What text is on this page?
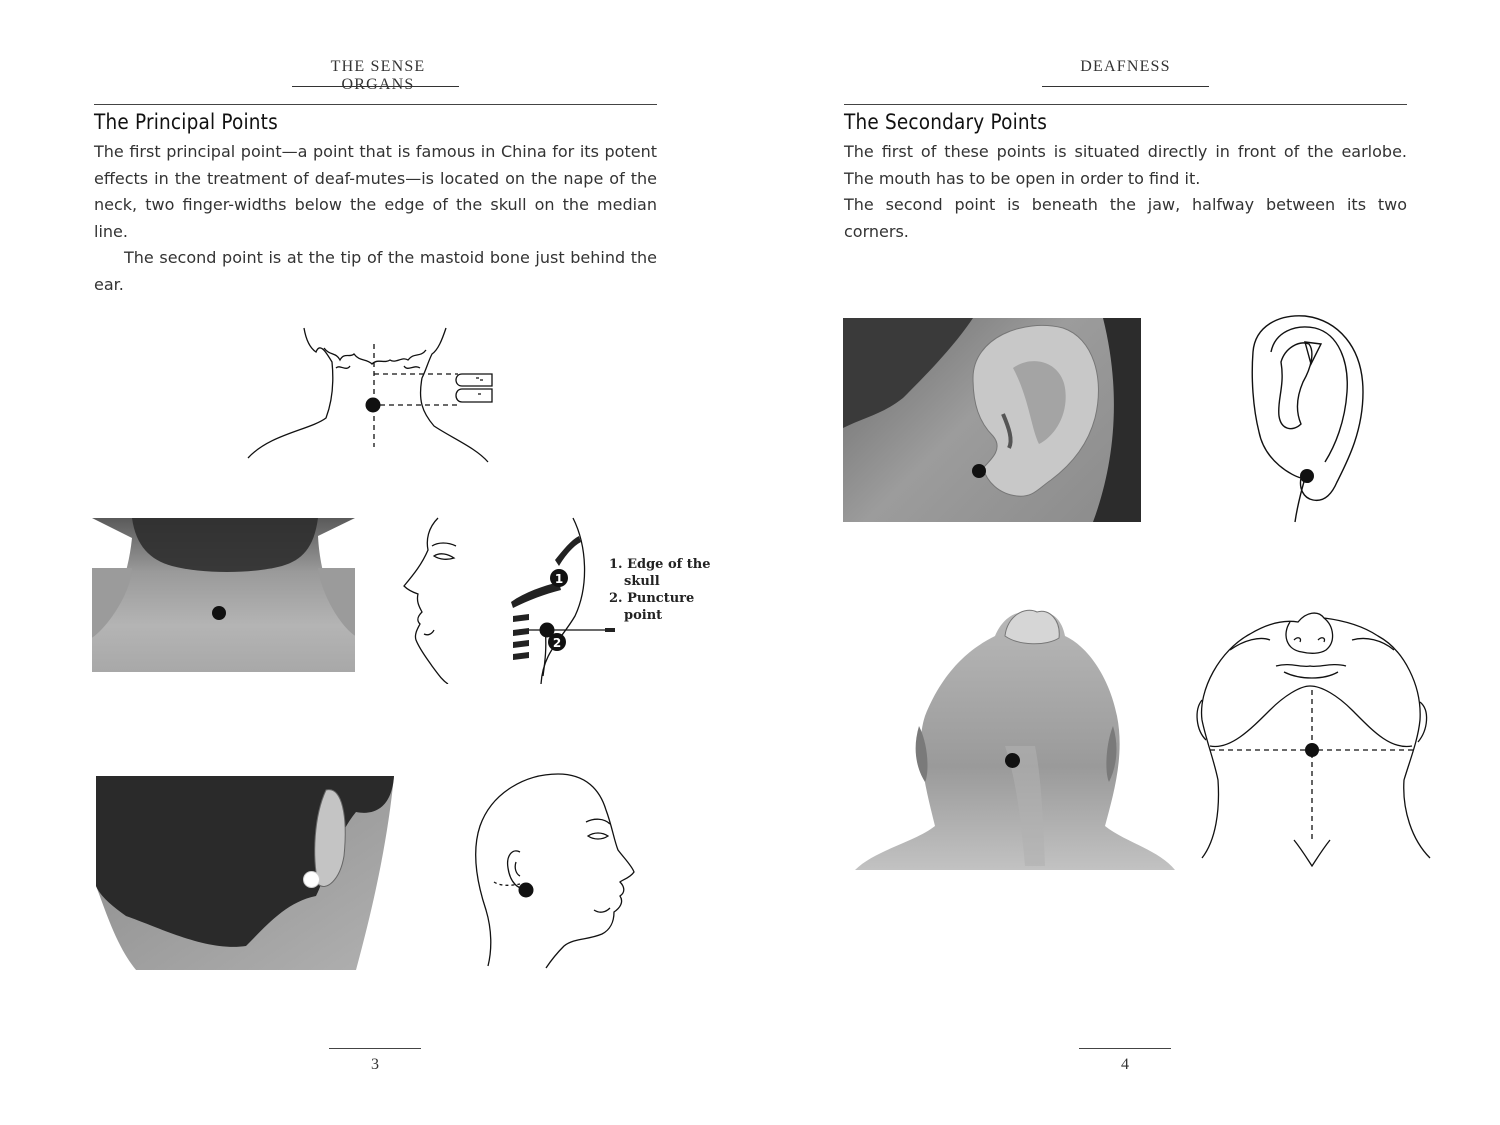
THE SENSE ORGANS
The Principal Points

The first principal point—a point that is famous in China for its potent effects in the treatment of deaf-mutes—is located on the nape of the neck, two finger-widths below the edge of the skull on the median line.

The second point is at the tip of the mastoid bone just behind the ear.

1
2
1. Edge of the
skull
2. Puncture
point
3
DEAFNESS
The Secondary Points

The first of these points is situated directly in front of the earlobe. The mouth has to be open in order to find it.

The second point is beneath the jaw, halfway between its two corners.

4
